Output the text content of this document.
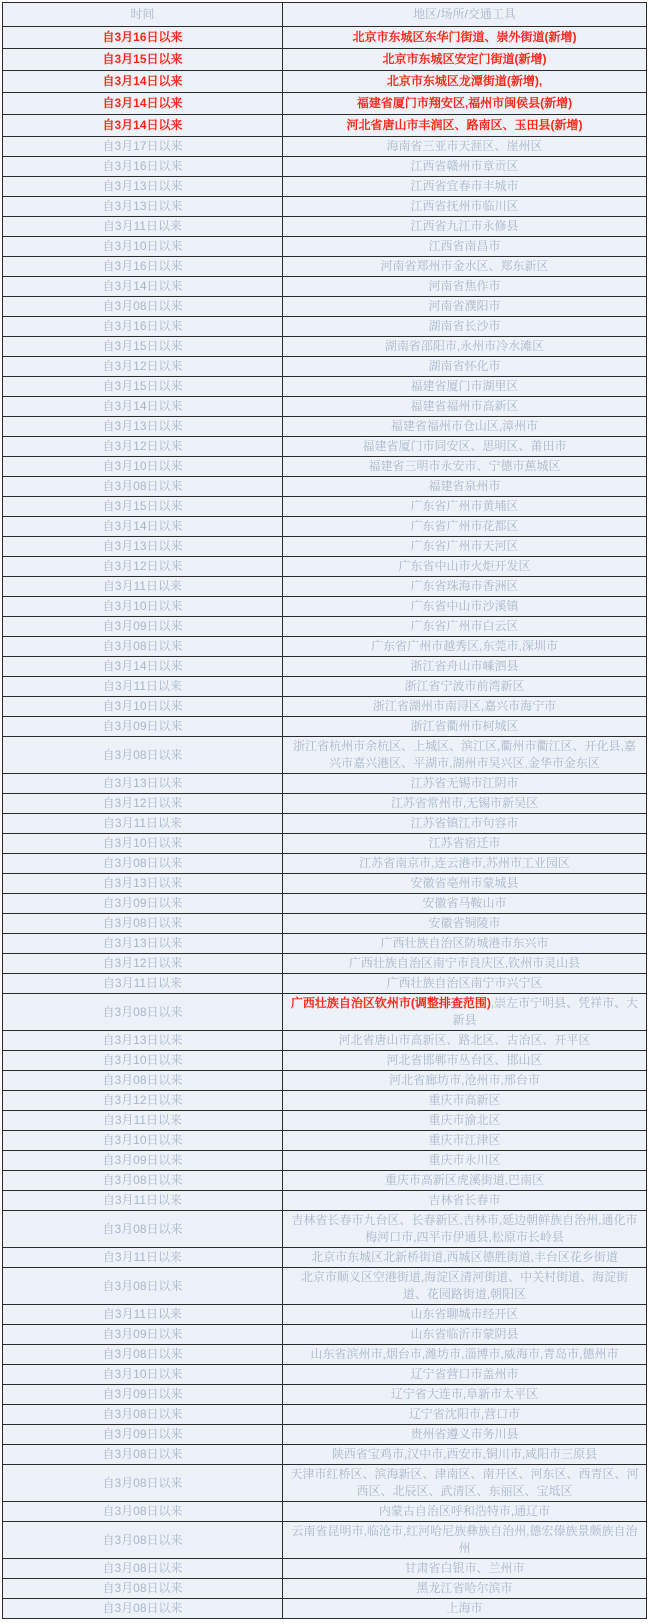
时间	地区/场所/交通工具
自3月16日以来	北京市东城区东华门街道、崇外街道(新增)
自3月15日以来	北京市东城区安定门街道(新增)
自3月14日以来	北京市东城区龙潭街道(新增),
自3月14日以来	福建省厦门市翔安区,福州市闽侯县(新增)
自3月14日以来	河北省唐山市丰润区、路南区、玉田县(新增)
自3月17日以来	海南省三亚市天涯区、崖州区
自3月16日以来	江西省赣州市章贡区
自3月13日以来	江西省宜春市丰城市
自3月13日以来	江西省抚州市临川区
自3月11日以来	江西省九江市永修县
自3月10日以来	江西省南昌市
自3月16日以来	河南省郑州市金水区、郑东新区
自3月14日以来	河南省焦作市
自3月08日以来	河南省濮阳市
自3月16日以来	湖南省长沙市
自3月15日以来	湖南省邵阳市,永州市冷水滩区
自3月12日以来	湖南省怀化市
自3月15日以来	福建省厦门市湖里区
自3月14日以来	福建省福州市高新区
自3月13日以来	福建省福州市仓山区,漳州市
自3月12日以来	福建省厦门市同安区、思明区、莆田市
自3月10日以来	福建省三明市永安市、宁德市蕉城区
自3月08日以来	福建省泉州市
自3月15日以来	广东省广州市黄埔区
自3月14日以来	广东省广州市花都区
自3月13日以来	广东省广州市天河区
自3月12日以来	广东省中山市火炬开发区
自3月11日以来	广东省珠海市香洲区
自3月10日以来	广东省中山市沙溪镇
自3月09日以来	广东省广州市白云区
自3月08日以来	广东省广州市越秀区,东莞市,深圳市
自3月14日以来	浙江省舟山市嵊泗县
自3月11日以来	浙江省宁波市前湾新区
自3月10日以来	浙江省湖州市南浔区,嘉兴市海宁市
自3月09日以来	浙江省衢州市柯城区
自3月08日以来	浙江省杭州市余杭区、上城区、滨江区,衢州市衢江区、开化县,嘉兴市嘉兴港区、平湖市,湖州市吴兴区,金华市金东区
自3月13日以来	江苏省无锡市江阴市
自3月12日以来	江苏省常州市,无锡市新吴区
自3月11日以来	江苏省镇江市句容市
自3月10日以来	江苏省宿迁市
自3月08日以来	江苏省南京市,连云港市,苏州市工业园区
自3月13日以来	安徽省亳州市蒙城县
自3月09日以来	安徽省马鞍山市
自3月08日以来	安徽省铜陵市
自3月13日以来	广西壮族自治区防城港市东兴市
自3月12日以来	广西壮族自治区南宁市良庆区,钦州市灵山县
自3月11日以来	广西壮族自治区南宁市兴宁区
自3月08日以来	广西壮族自治区钦州市(调整排查范围),崇左市宁明县、凭祥市、大新县
自3月13日以来	河北省唐山市高新区、路北区、古冶区、开平区
自3月10日以来	河北省邯郸市丛台区、邯山区
自3月08日以来	河北省廊坊市,沧州市,邢台市
自3月12日以来	重庆市高新区
自3月11日以来	重庆市渝北区
自3月10日以来	重庆市江津区
自3月09日以来	重庆市永川区
自3月08日以来	重庆市高新区虎溪街道,巴南区
自3月11日以来	吉林省长春市
自3月08日以来	吉林省长春市九台区、长春新区,吉林市,延边朝鲜族自治州,通化市梅河口市,四平市伊通县,松原市长岭县
自3月11日以来	北京市东城区北新桥街道,西城区德胜街道,丰台区花乡街道
自3月08日以来	北京市顺义区空港街道,海淀区清河街道、中关村街道、海淀街道、花园路街道,朝阳区
自3月11日以来	山东省聊城市经开区
自3月09日以来	山东省临沂市蒙阴县
自3月08日以来	山东省滨州市,烟台市,潍坊市,淄博市,威海市,青岛市,德州市
自3月10日以来	辽宁省营口市盖州市
自3月09日以来	辽宁省大连市,阜新市太平区
自3月08日以来	辽宁省沈阳市,营口市
自3月09日以来	贵州省遵义市务川县
自3月08日以来	陕西省宝鸡市,汉中市,西安市,铜川市,咸阳市三原县
自3月08日以来	天津市红桥区、滨海新区、津南区、南开区、河东区、西青区、河西区、北辰区、武清区、东丽区、宝坻区
自3月08日以来	内蒙古自治区呼和浩特市,通辽市
自3月08日以来	云南省昆明市,临沧市,红河哈尼族彝族自治州,德宏傣族景颇族自治州
自3月08日以来	甘肃省白银市、兰州市
自3月08日以来	黑龙江省哈尔滨市
自3月08日以来	上海市
